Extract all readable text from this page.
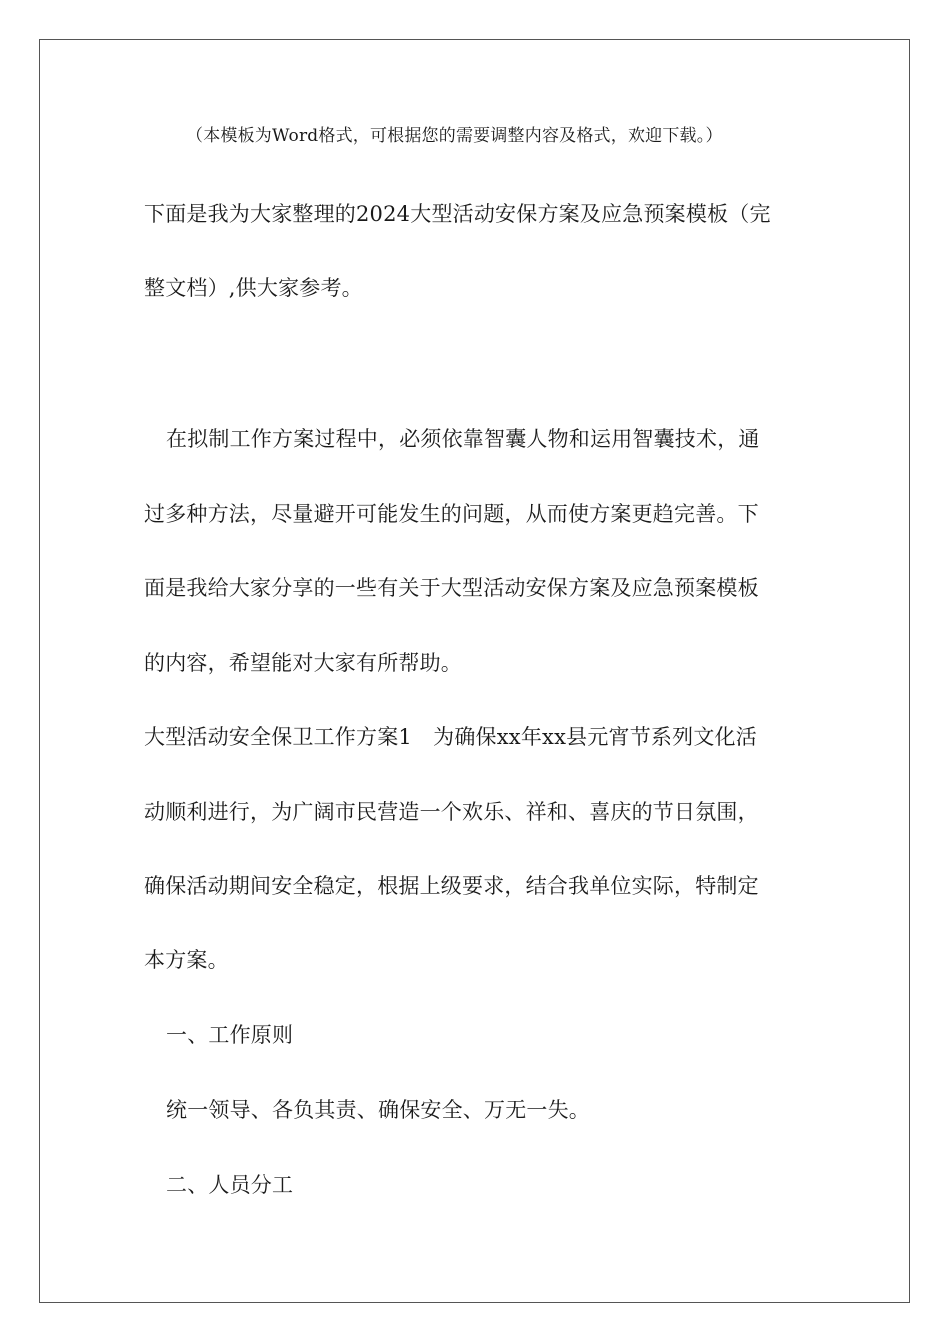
（本模板为Word格式，可根据您的需要调整内容及格式，欢迎下载。）
下面是我为大家整理的2024大型活动安保方案及应急预案模板（完
整文档）,供大家参考。
在拟制工作方案过程中，必须依靠智囊人物和运用智囊技术，通
过多种方法，尽量避开可能发生的问题，从而使方案更趋完善。下
面是我给大家分享的一些有关于大型活动安保方案及应急预案模板
的内容，希望能对大家有所帮助。
大型活动安全保卫工作方案1　为确保xx年xx县元宵节系列文化活
动顺利进行，为广阔市民营造一个欢乐、祥和、喜庆的节日氛围，
确保活动期间安全稳定，根据上级要求，结合我单位实际，特制定
本方案。
一、工作原则
统一领导、各负其责、确保安全、万无一失。
二、人员分工
